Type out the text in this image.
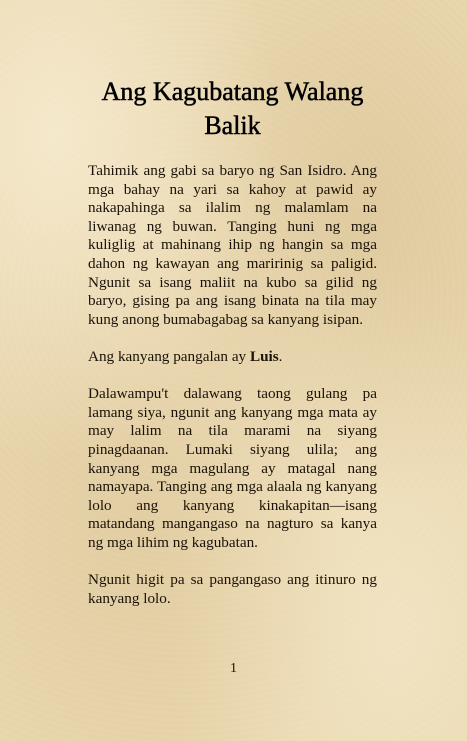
Ang Kagubatang Walang
Balik

Tahimik ang gabi sa baryo ng San Isidro. Ang mga bahay na yari sa kahoy at pawid ay nakapahinga sa ilalim ng malamlam na liwanag ng buwan. Tanging huni ng mga kuliglig at mahinang ihip ng hangin sa mga dahon ng kawayan ang maririnig sa paligid. Ngunit sa isang maliit na kubo sa gilid ng baryo, gising pa ang isang binata na tila may kung anong bumabagabag sa kanyang isipan.

Ang kanyang pangalan ay Luis.

Dalawampu't dalawang taong gulang pa lamang siya, ngunit ang kanyang mga mata ay may lalim na tila marami na siyang pinagdaanan. Lumaki siyang ulila; ang kanyang mga magulang ay matagal nang namayapa. Tanging ang mga alaala ng kanyang lolo ang kanyang kinakapitan—isang matandang mangangaso na nagturo sa kanya ng mga lihim ng kagubatan.

Ngunit higit pa sa pangangaso ang itinuro ng kanyang lolo.

1
